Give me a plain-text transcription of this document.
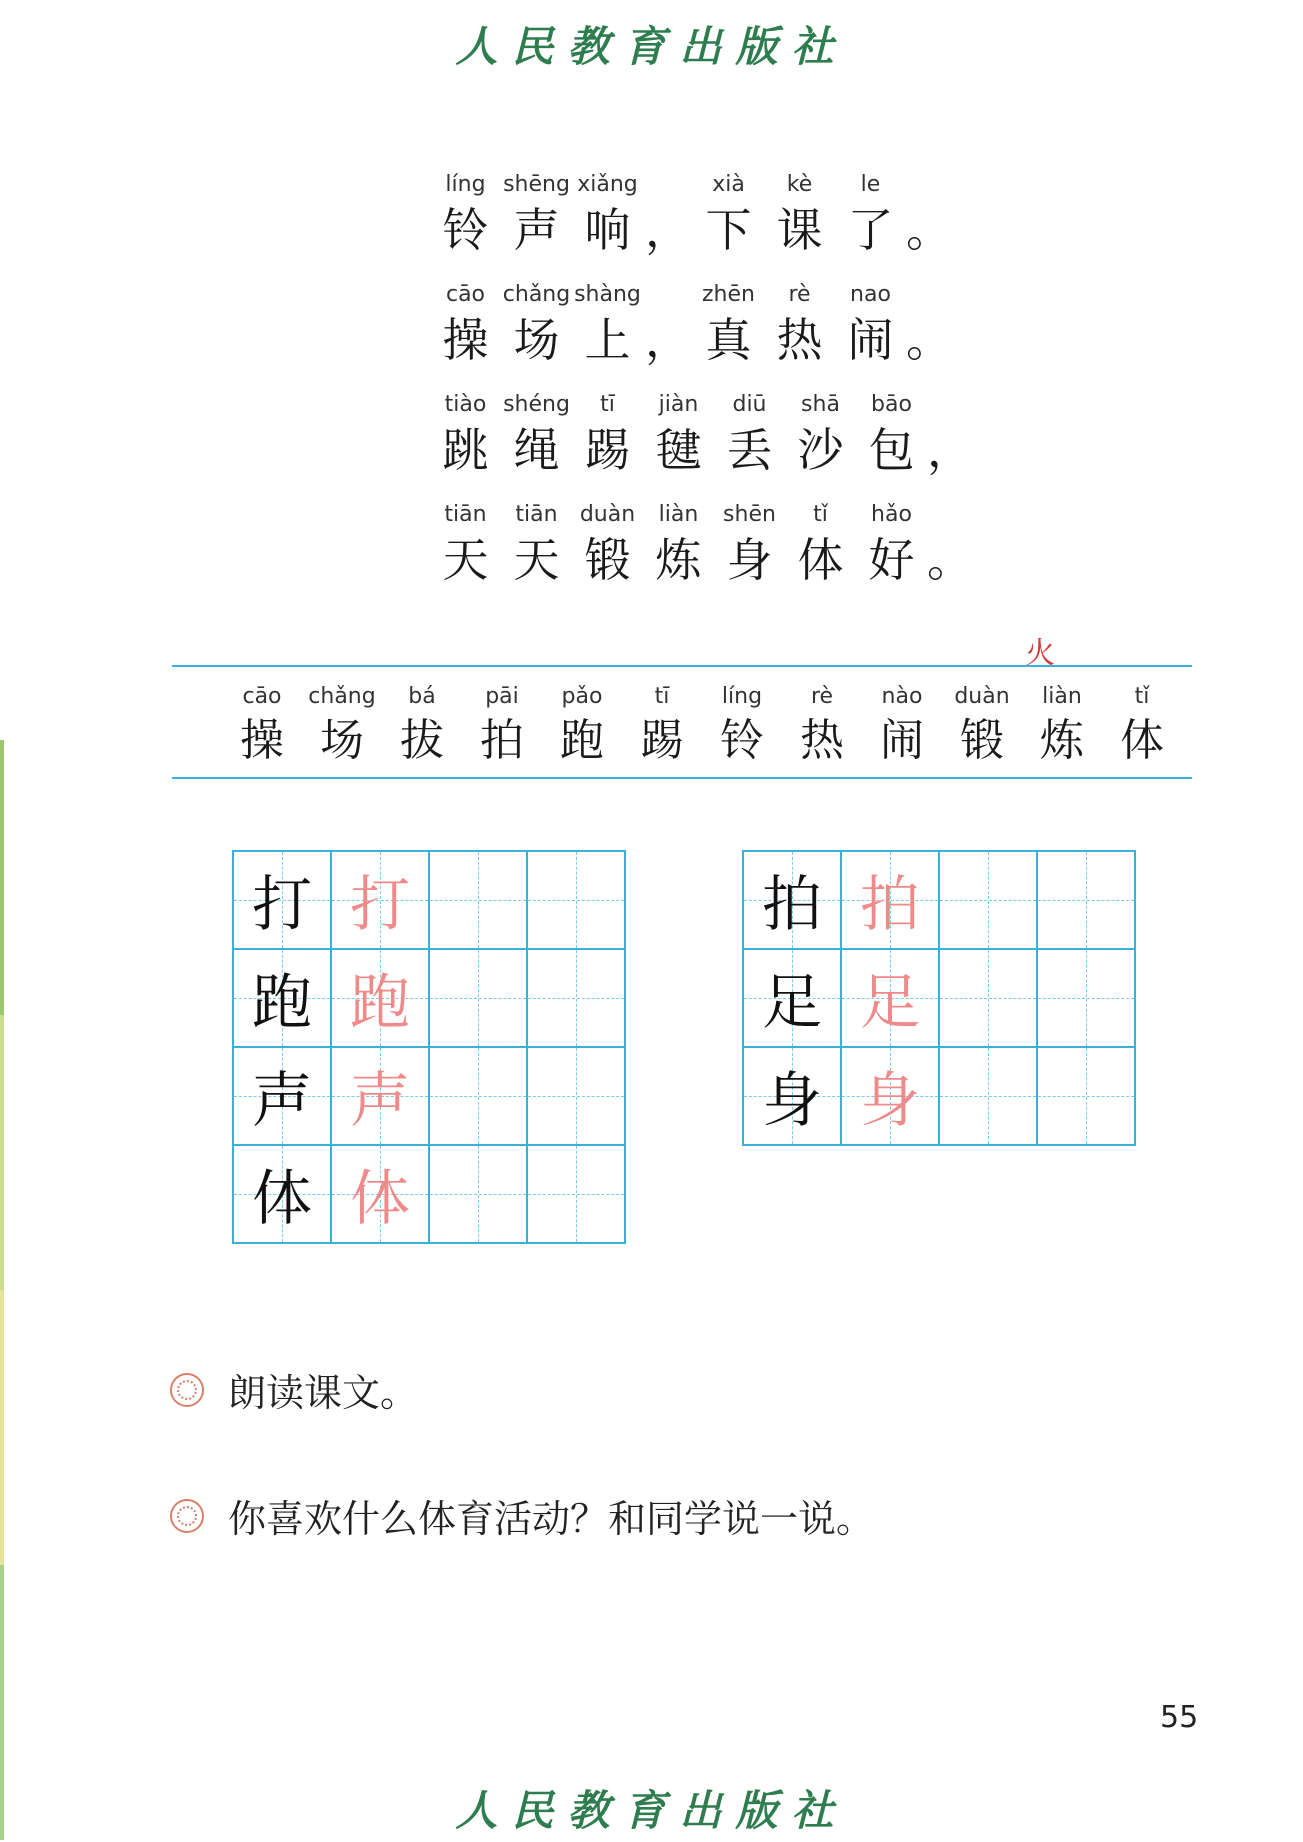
人民教育出版社
líng
铃
shēng
声
xiǎng
响 ，
xià
下
kè
课
le
了 。
cāo
操
chǎng
场
shàng
上 ，
zhēn
真
rè
热
nao
闹 。
tiào
跳
shéng
绳
tī
踢
jiàn
毽
diū
丢
shā
沙
bāo
包 ，
tiān
天
tiān
天
duàn
锻
liàn
炼
shēn
身
tǐ
体
hǎo
好 。
火
cāo
操
chǎng
场
bá
拔
pāi
拍
pǎo
跑
tī
踢
líng
铃
rè
热
nào
闹
duàn
锻
liàn
炼
tǐ
体
打 打
跑 跑
声 声
体 体
拍 拍
足 足
身 身
朗读课文。
你喜欢什么体育活动？和同学说一说。
55
人民教育出版社
